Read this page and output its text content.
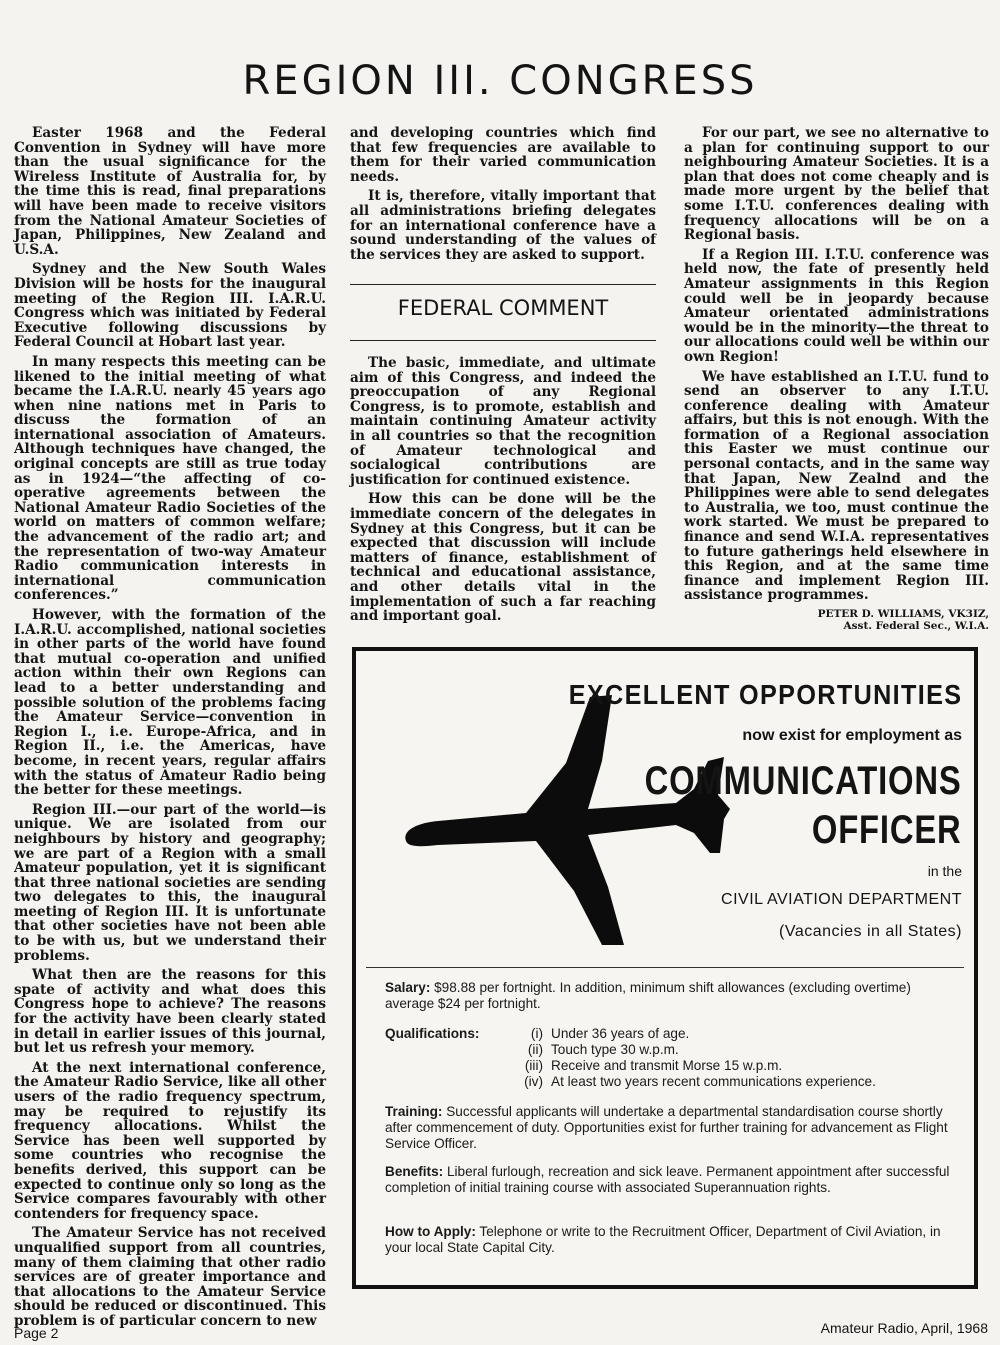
REGION III. CONGRESS

Easter 1968 and the Federal Convention in Sydney will have more than the usual significance for the Wireless Institute of Australia for, by the time this is read, final preparations will have been made to receive visitors from the National Amateur Societies of Japan, Philippines, New Zealand and U.S.A.

Sydney and the New South Wales Division will be hosts for the inaugural meeting of the Region III. I.A.R.U. Congress which was initiated by Federal Executive following discussions by Federal Council at Hobart last year.

In many respects this meeting can be likened to the initial meeting of what became the I.A.R.U. nearly 45 years ago when nine nations met in Paris to discuss the formation of an international association of Amateurs. Although techniques have changed, the original concepts are still as true today as in 1924—“the affecting of co-operative agreements between the National Amateur Radio Societies of the world on matters of common welfare; the advancement of the radio art; and the representation of two-way Amateur Radio communication interests in international communication conferences.”

However, with the formation of the I.A.R.U. accomplished, national societies in other parts of the world have found that mutual co-operation and unified action within their own Regions can lead to a better understanding and possible solution of the problems facing the Amateur Service—convention in Region I., i.e. Europe-Africa, and in Region II., i.e. the Americas, have become, in recent years, regular affairs with the status of Amateur Radio being the better for these meetings.

Region III.—our part of the world—is unique. We are isolated from our neighbours by history and geography; we are part of a Region with a small Amateur population, yet it is significant that three national societies are sending two delegates to this, the inaugural meeting of Region III. It is unfortunate that other societies have not been able to be with us, but we understand their problems.

What then are the reasons for this spate of activity and what does this Congress hope to achieve? The reasons for the activity have been clearly stated in detail in earlier issues of this journal, but let us refresh your memory.

At the next international conference, the Amateur Radio Service, like all other users of the radio frequency spectrum, may be required to rejustify its frequency allocations. Whilst the Service has been well supported by some countries who recognise the benefits derived, this support can be expected to continue only so long as the Service compares favourably with other contenders for frequency space.

The Amateur Service has not received unqualified support from all countries, many of them claiming that other radio services are of greater importance and that allocations to the Amateur Service should be reduced or discontinued. This problem is of particular concern to new

and developing countries which find that few frequencies are available to them for their varied communication needs.

It is, therefore, vitally important that all administrations briefing delegates for an international conference have a sound understanding of the values of the services they are asked to support.

FEDERAL COMMENT

The basic, immediate, and ultimate aim of this Congress, and indeed the preoccupation of any Regional Congress, is to promote, establish and maintain continuing Amateur activity in all countries so that the recognition of Amateur technological and socialogical contributions are justification for continued existence.

How this can be done will be the immediate concern of the delegates in Sydney at this Congress, but it can be expected that discussion will include matters of finance, establishment of technical and educational assistance, and other details vital in the implementation of such a far reaching and important goal.

For our part, we see no alternative to a plan for continuing support to our neighbouring Amateur Societies. It is a plan that does not come cheaply and is made more urgent by the belief that some I.T.U. conferences dealing with frequency allocations will be on a Regional basis.

If a Region III. I.T.U. conference was held now, the fate of presently held Amateur assignments in this Region could well be in jeopardy because Amateur orientated administrations would be in the minority—the threat to our allocations could well be within our own Region!

We have established an I.T.U. fund to send an observer to any I.T.U. conference dealing with Amateur affairs, but this is not enough. With the formation of a Regional association this Easter we must continue our personal contacts, and in the same way that Japan, New Zealnd and the Philippines were able to send delegates to Australia, we too, must continue the work started. We must be prepared to finance and send W.I.A. representatives to future gatherings held elsewhere in this Region, and at the same time finance and implement Region III. assistance programmes.

PETER D. WILLIAMS, VK3IZ,
Asst. Federal Sec., W.I.A.
EXCELLENT OPPORTUNITIES
now exist for employment as
COMMUNICATIONS
OFFICER
in the
CIVIL AVIATION DEPARTMENT
(Vacancies in all States)
Salary: $98.88 per fortnight. In addition, minimum shift allowances (excluding overtime) average $24 per fortnight.
Qualifications:	(i) Under 36 years of age.
(ii) Touch type 30 w.p.m.
(iii) Receive and transmit Morse 15 w.p.m.
(iv) At least two years recent communications experience.
Training: Successful applicants will undertake a departmental standardisation course shortly after commencement of duty. Opportunities exist for further training for advancement as Flight Service Officer.
Benefits: Liberal furlough, recreation and sick leave. Permanent appointment after successful completion of initial training course with associated Superannuation rights.
How to Apply: Telephone or write to the Recruitment Officer, Department of Civil Aviation, in your local State Capital City.
Page 2	Amateur Radio, April, 1968
